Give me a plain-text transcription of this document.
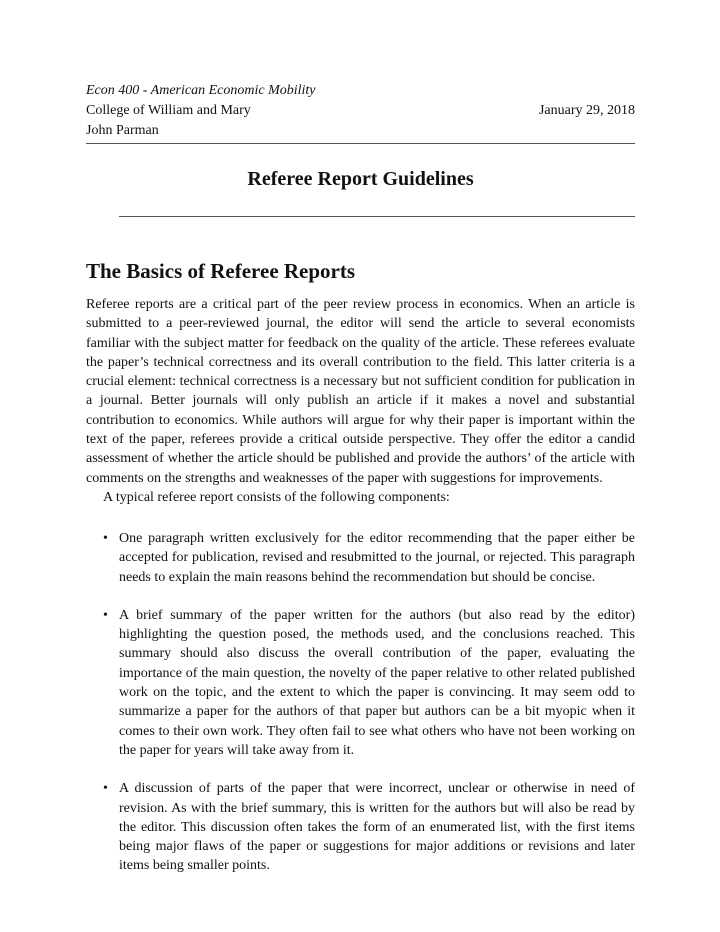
Econ 400 - American Economic Mobility
College of William and Mary	January 29, 2018
John Parman
Referee Report Guidelines
The Basics of Referee Reports

Referee reports are a critical part of the peer review process in economics. When an article is submitted to a peer-reviewed journal, the editor will send the article to several economists familiar with the subject matter for feedback on the quality of the article. These referees evaluate the paper’s technical correctness and its overall contribution to the field. This latter criteria is a crucial element: technical correctness is a necessary but not sufficient condition for publication in a journal. Better journals will only publish an article if it makes a novel and substantial contribution to economics. While authors will argue for why their paper is important within the text of the paper, referees provide a critical outside perspective. They offer the editor a candid assessment of whether the article should be published and provide the authors’ of the article with comments on the strengths and weaknesses of the paper with suggestions for improvements.

A typical referee report consists of the following components:

• One paragraph written exclusively for the editor recommending that the paper either be accepted for publication, revised and resubmitted to the journal, or rejected. This paragraph needs to explain the main reasons behind the recommendation but should be concise.
• A brief summary of the paper written for the authors (but also read by the editor) highlighting the question posed, the methods used, and the conclusions reached. This summary should also discuss the overall contribution of the paper, evaluating the importance of the main question, the novelty of the paper relative to other related published work on the topic, and the extent to which the paper is convincing. It may seem odd to summarize a paper for the authors of that paper but authors can be a bit myopic when it comes to their own work. They often fail to see what others who have not been working on the paper for years will take away from it.
• A discussion of parts of the paper that were incorrect, unclear or otherwise in need of revision. As with the brief summary, this is written for the authors but will also be read by the editor. This discussion often takes the form of an enumerated list, with the first items being major flaws of the paper or suggestions for major additions or revisions and later items being smaller points.
